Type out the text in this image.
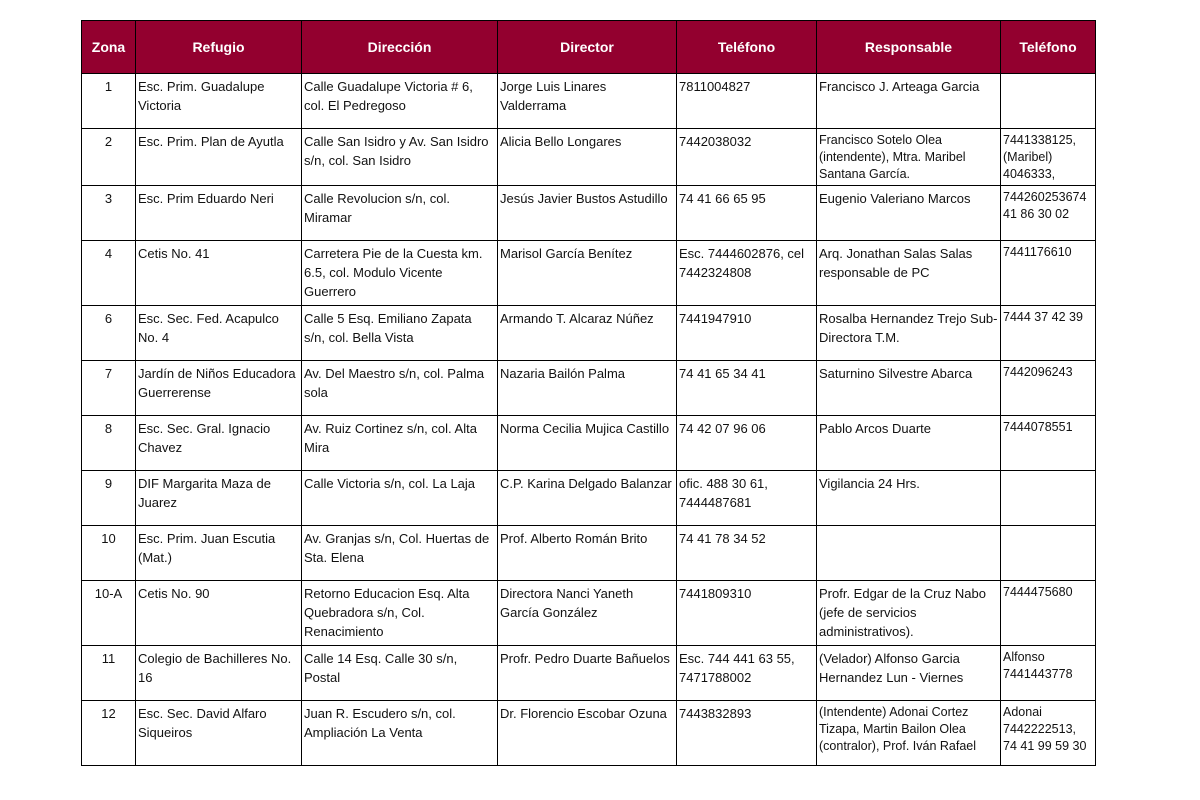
Zona	Refugio	Dirección	Director	Teléfono	Responsable	Teléfono
1	Esc. Prim. Guadalupe Victoria	Calle Guadalupe Victoria # 6, col. El Pedregoso	Jorge Luis Linares Valderrama	7811004827	Francisco J. Arteaga Garcia	
2	Esc. Prim. Plan de Ayutla	Calle San Isidro y Av. San Isidro s/n, col. San Isidro	Alicia Bello Longares	7442038032	Francisco Sotelo Olea (intendente), Mtra. Maribel Santana García.	7441338125, (Maribel) 4046333,
3	Esc. Prim Eduardo Neri	Calle Revolucion s/n, col. Miramar	Jesús Javier Bustos Astudillo	74 41 66 65 95	Eugenio Valeriano Marcos	744260253674 41 86 30 02
4	Cetis No. 41	Carretera Pie de la Cuesta km. 6.5, col. Modulo Vicente Guerrero	Marisol García Benítez	Esc. 7444602876, cel 7442324808	Arq. Jonathan Salas Salas responsable de PC	7441176610
6	Esc. Sec. Fed. Acapulco No. 4	Calle 5 Esq. Emiliano Zapata s/n, col. Bella Vista	Armando T. Alcaraz Núñez	7441947910	Rosalba Hernandez Trejo Sub-Directora T.M.	7444 37 42 39
7	Jardín de Niños Educadora Guerrerense	Av. Del Maestro s/n, col. Palma sola	Nazaria Bailón Palma	74 41 65 34 41	Saturnino Silvestre Abarca	7442096243
8	Esc. Sec. Gral. Ignacio Chavez	Av. Ruiz Cortinez s/n, col. Alta Mira	Norma Cecilia Mujica Castillo	74 42 07 96 06	Pablo Arcos Duarte	7444078551
9	DIF Margarita Maza de Juarez	Calle Victoria s/n, col. La Laja	C.P. Karina Delgado Balanzar	ofic. 488 30 61, 7444487681	Vigilancia 24 Hrs.	
10	Esc. Prim. Juan Escutia (Mat.)	Av. Granjas s/n, Col. Huertas de Sta. Elena	Prof. Alberto Román Brito	74 41 78 34 52		
10-A	Cetis No. 90	Retorno Educacion Esq. Alta Quebradora s/n, Col. Renacimiento	Directora Nanci Yaneth García González	7441809310	Profr. Edgar de la Cruz Nabo (jefe de servicios administrativos).	7444475680
11	Colegio de Bachilleres No. 16	Calle 14 Esq. Calle 30 s/n, Postal	Profr. Pedro Duarte Bañuelos	Esc. 744 441 63 55, 7471788002	(Velador) Alfonso Garcia Hernandez Lun - Viernes	Alfonso 7441443778
12	Esc. Sec. David Alfaro Siqueiros	Juan R. Escudero s/n, col. Ampliación La Venta	Dr. Florencio Escobar Ozuna	7443832893	(Intendente) Adonai Cortez Tizapa, Martin Bailon Olea (contralor), Prof. Iván Rafael	Adonai 7442222513, 74 41 99 59 30
